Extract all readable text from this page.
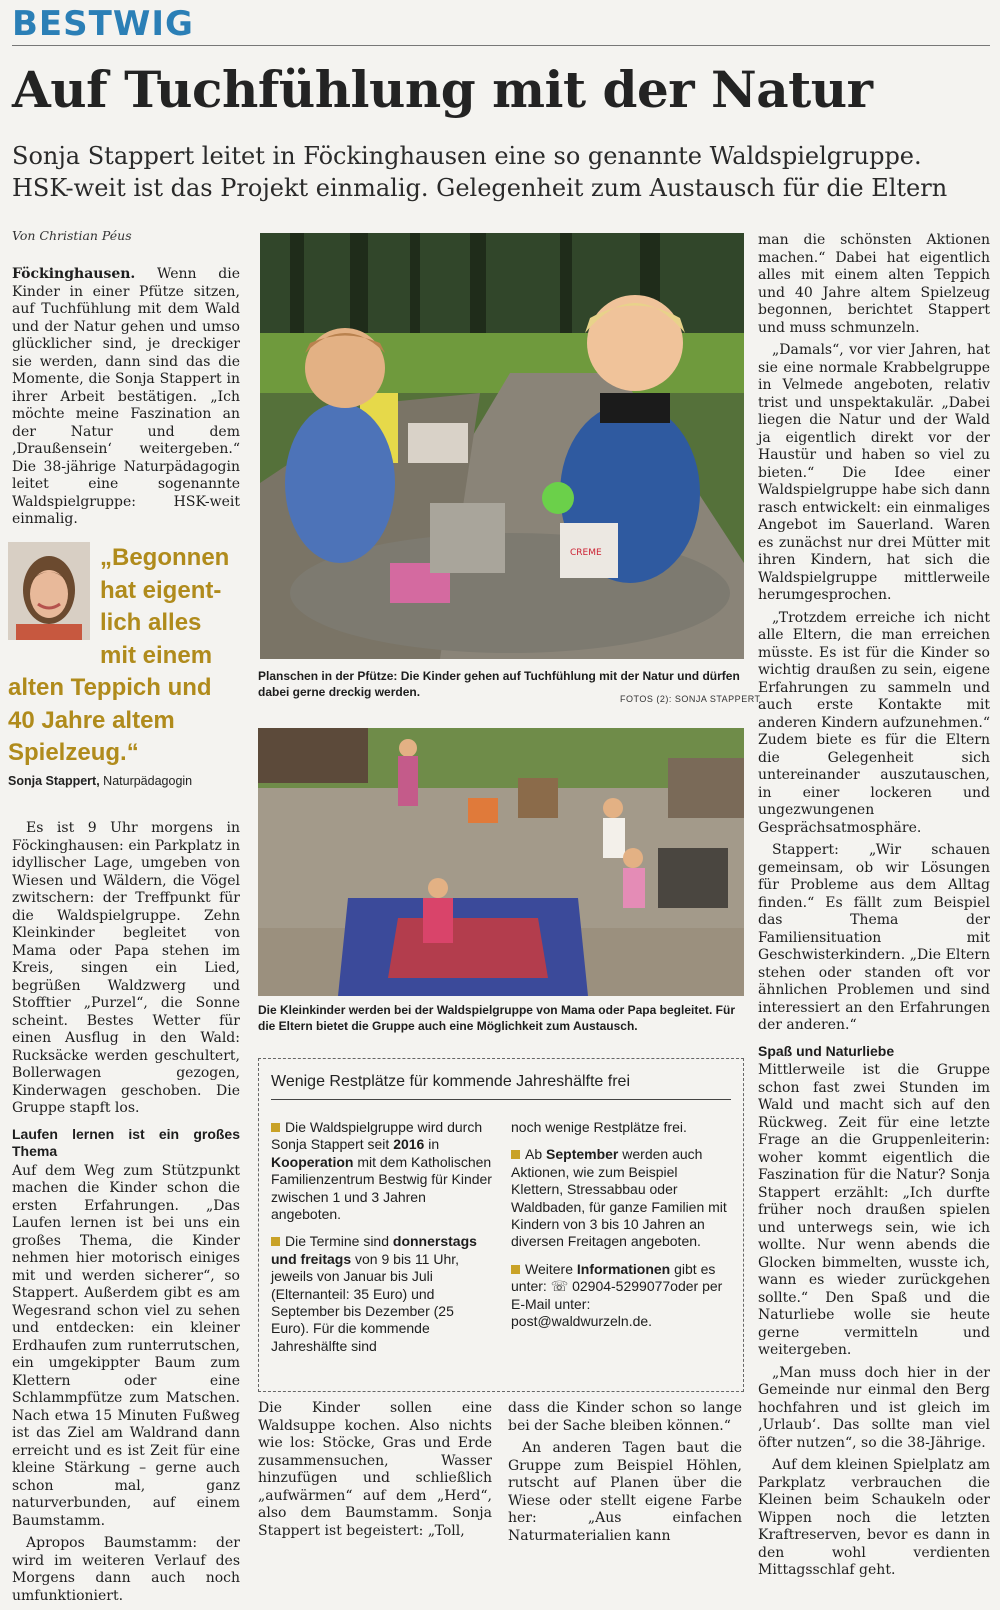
BESTWIG
Auf Tuchfühlung mit der Natur
Sonja Stappert leitet in Föckinghausen eine so genannte Waldspielgruppe.
HSK-weit ist das Projekt einmalig. Gelegenheit zum Austausch für die Eltern
Von Christian Péus

Föckinghausen. Wenn die Kinder in einer Pfütze sitzen, auf Tuchfühlung mit dem Wald und der Natur gehen und umso glücklicher sind, je dreckiger sie werden, dann sind das die Momente, die Sonja Stappert in ihrer Arbeit bestätigen. „Ich möchte meine Faszination an der Natur und dem ‚Draußensein‘ weitergeben.“ Die 38-jährige Naturpädagogin leitet eine sogenannte Waldspielgruppe: HSK-weit einmalig.

„Begonnen
hat eigent-
lich alles
mit einem
alten Teppich und
40 Jahre altem
Spielzeug.“
Sonja Stappert, Naturpädagogin

Es ist 9 Uhr morgens in Föckinghausen: ein Parkplatz in idyllischer Lage, umgeben von Wiesen und Wäldern, die Vögel zwitschern: der Treffpunkt für die Waldspielgruppe. Zehn Kleinkinder begleitet von Mama oder Papa stehen im Kreis, singen ein Lied, begrüßen Waldzwerg und Stofftier „Purzel“, die Sonne scheint. Bestes Wetter für einen Ausflug in den Wald: Rucksäcke werden geschultert, Bollerwagen gezogen, Kinderwagen geschoben. Die Gruppe stapft los.

Laufen lernen ist ein großes Thema

Auf dem Weg zum Stützpunkt machen die Kinder schon die ersten Erfahrungen. „Das Laufen lernen ist bei uns ein großes Thema, die Kinder nehmen hier motorisch einiges mit und werden sicherer“, so Stappert. Außerdem gibt es am Wegesrand schon viel zu sehen und entdecken: ein kleiner Erdhaufen zum runterrutschen, ein umgekippter Baum zum Klettern oder eine Schlammpfütze zum Matschen. Nach etwa 15 Minuten Fußweg ist das Ziel am Waldrand dann erreicht und es ist Zeit für eine kleine Stärkung – gerne auch schon mal, ganz naturverbunden, auf einem Baumstamm.

Apropos Baumstamm: der wird im weiteren Verlauf des Morgens dann auch noch umfunktioniert.

CREME
Planschen in der Pfütze: Die Kinder gehen auf Tuchfühlung mit der Natur und dürfen dabei gerne dreckig werden.	FOTOS (2): SONJA STAPPERT
Die Kleinkinder werden bei der Waldspielgruppe von Mama oder Papa begleitet. Für die Eltern bietet die Gruppe auch eine Möglichkeit zum Austausch.
Wenige Restplätze für kommende Jahreshälfte frei
Die Waldspielgruppe wird durch Sonja Stappert seit 2016 in Kooperation mit dem Katholischen Familienzentrum Bestwig für Kinder zwischen 1 und 3 Jahren angeboten.
Die Termine sind donnerstags und freitags von 9 bis 11 Uhr, jeweils von Januar bis Juli (Elternanteil: 35 Euro) und September bis Dezember (25 Euro). Für die kommende Jahreshälfte sind
noch wenige Restplätze frei.
Ab September werden auch Aktionen, wie zum Beispiel Klettern, Stressabbau oder Waldbaden, für ganze Familien mit Kindern von 3 bis 10 Jahren an diversen Freitagen angeboten.
Weitere Informationen gibt es unter: ☏ 02904-5299077oder per E-Mail unter:
post@waldwurzeln.de.

Die Kinder sollen eine Waldsuppe kochen. Also nichts wie los: Stöcke, Gras und Erde zusammensuchen, Wasser hinzufügen und schließlich „aufwärmen“ auf dem „Herd“, also dem Baumstamm. Sonja Stappert ist begeistert: „Toll,

dass die Kinder schon so lange bei der Sache bleiben können.“

An anderen Tagen baut die Gruppe zum Beispiel Höhlen, rutscht auf Planen über die Wiese oder stellt eigene Farbe her: „Aus einfachen Naturmaterialien kann

man die schönsten Aktionen machen.“ Dabei hat eigentlich alles mit einem alten Teppich und 40 Jahre altem Spielzeug begonnen, berichtet Stappert und muss schmunzeln.

„Damals“, vor vier Jahren, hat sie eine normale Krabbelgruppe in Velmede angeboten, relativ trist und unspektakulär. „Dabei liegen die Natur und der Wald ja eigentlich direkt vor der Haustür und haben so viel zu bieten.“ Die Idee einer Waldspielgruppe habe sich dann rasch entwickelt: ein einmaliges Angebot im Sauerland. Waren es zunächst nur drei Mütter mit ihren Kindern, hat sich die Waldspielgruppe mittlerweile herumgesprochen.

„Trotzdem erreiche ich nicht alle Eltern, die man erreichen müsste. Es ist für die Kinder so wichtig draußen zu sein, eigene Erfahrungen zu sammeln und auch erste Kontakte mit anderen Kindern aufzunehmen.“ Zudem biete es für die Eltern die Gelegenheit sich untereinander auszutauschen, in einer lockeren und ungezwungenen Gesprächsatmosphäre.

Stappert: „Wir schauen gemeinsam, ob wir Lösungen für Probleme aus dem Alltag finden.“ Es fällt zum Beispiel das Thema der Familiensituation mit Geschwisterkindern. „Die Eltern stehen oder standen oft vor ähnlichen Problemen und sind interessiert an den Erfahrungen der anderen.“

Spaß und Naturliebe

Mittlerweile ist die Gruppe schon fast zwei Stunden im Wald und macht sich auf den Rückweg. Zeit für eine letzte Frage an die Gruppenleiterin: woher kommt eigentlich die Faszination für die Natur? Sonja Stappert erzählt: „Ich durfte früher noch draußen spielen und unterwegs sein, wie ich wollte. Nur wenn abends die Glocken bimmelten, wusste ich, wann es wieder zurückgehen sollte.“ Den Spaß und die Naturliebe wolle sie heute gerne vermitteln und weitergeben.

„Man muss doch hier in der Gemeinde nur einmal den Berg hochfahren und ist gleich im ‚Urlaub‘. Das sollte man viel öfter nutzen“, so die 38-Jährige.

Auf dem kleinen Spielplatz am Parkplatz verbrauchen die Kleinen beim Schaukeln oder Wippen noch die letzten Kraftreserven, bevor es dann in den wohl verdienten Mittagsschlaf geht.
